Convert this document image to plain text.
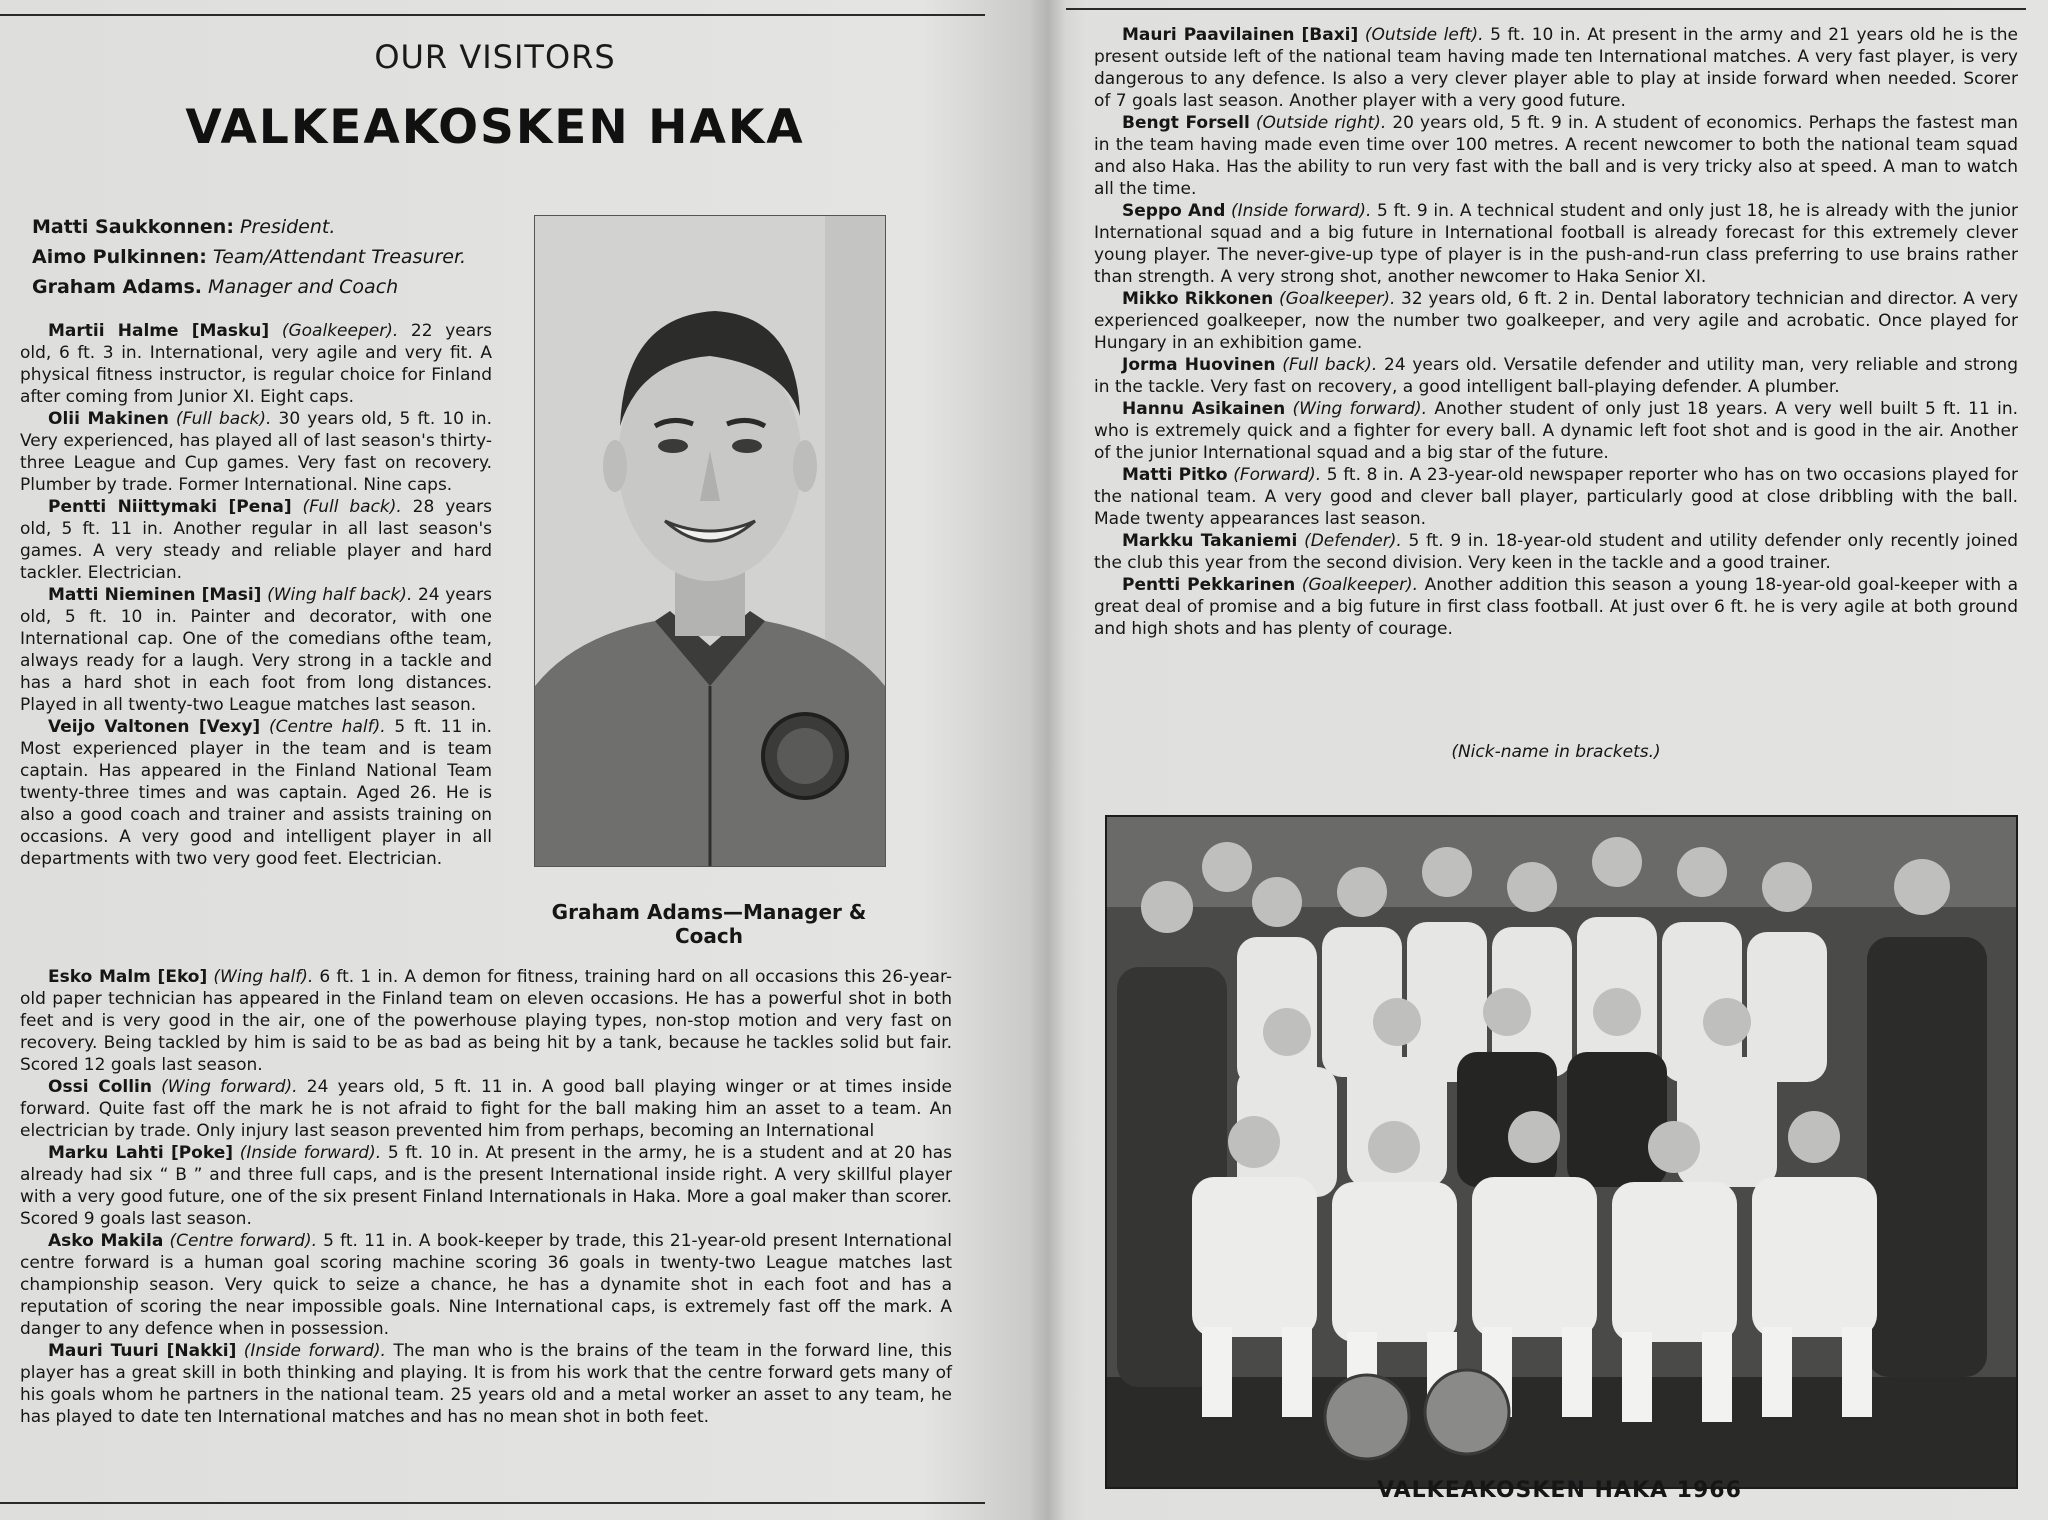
OUR VISITORS
VALKEAKOSKEN HAKA
Matti Saukkonnen: President.
Aimo Pulkinnen: Team/Attendant Treasurer.
Graham Adams. Manager and Coach

Martii Halme [Masku] (Goalkeeper). 22 years old, 6 ft. 3 in. International, very agile and very fit. A physical fitness instructor, is regular choice for Finland after coming from Junior XI. Eight caps.

Olii Makinen (Full back). 30 years old, 5 ft. 10 in. Very experienced, has played all of last season's thirty-three League and Cup games. Very fast on recovery. Plumber by trade. Former International. Nine caps.

Pentti Niittymaki [Pena] (Full back). 28 years old, 5 ft. 11 in. Another regular in all last season's games. A very steady and reliable player and hard tackler. Electrician.

Matti Nieminen [Masi] (Wing half back). 24 years old, 5 ft. 10 in. Painter and decorator, with one International cap. One of the comedians ofthe team, always ready for a laugh. Very strong in a tackle and has a hard shot in each foot from long distances. Played in all twenty-two League matches last season.

Veijo Valtonen [Vexy] (Centre half). 5 ft. 11 in. Most experienced player in the team and is team captain. Has appeared in the Finland National Team twenty-three times and was captain. Aged 26. He is also a good coach and trainer and assists training on occasions. A very good and intelligent player in all departments with two very good feet. Electrician.

Graham Adams—Manager & Coach

Esko Malm [Eko] (Wing half). 6 ft. 1 in. A demon for fitness, training hard on all occasions this 26-year-old paper technician has appeared in the Finland team on eleven occasions. He has a powerful shot in both feet and is very good in the air, one of the powerhouse playing types, non-stop motion and very fast on recovery. Being tackled by him is said to be as bad as being hit by a tank, because he tackles solid but fair. Scored 12 goals last season.

Ossi Collin (Wing forward). 24 years old, 5 ft. 11 in. A good ball playing winger or at times inside forward. Quite fast off the mark he is not afraid to fight for the ball making him an asset to a team. An electrician by trade. Only injury last season prevented him from perhaps, becoming an International

Marku Lahti [Poke] (Inside forward). 5 ft. 10 in. At present in the army, he is a student and at 20 has already had six “ B ” and three full caps, and is the present International inside right. A very skillful player with a very good future, one of the six present Finland Internationals in Haka. More a goal maker than scorer. Scored 9 goals last season.

Asko Makila (Centre forward). 5 ft. 11 in. A book-keeper by trade, this 21-year-old present International centre forward is a human goal scoring machine scoring 36 goals in twenty-two League matches last championship season. Very quick to seize a chance, he has a dynamite shot in each foot and has a reputation of scoring the near impossible goals. Nine International caps, is extremely fast off the mark. A danger to any defence when in possession.

Mauri Tuuri [Nakki] (Inside forward). The man who is the brains of the team in the forward line, this player has a great skill in both thinking and playing. It is from his work that the centre forward gets many of his goals whom he partners in the national team. 25 years old and a metal worker an asset to any team, he has played to date ten International matches and has no mean shot in both feet.

Mauri Paavilainen [Baxi] (Outside left). 5 ft. 10 in. At present in the army and 21 years old he is the present outside left of the national team having made ten International matches. A very fast player, is very dangerous to any defence. Is also a very clever player able to play at inside forward when needed. Scorer of 7 goals last season. Another player with a very good future.

Bengt Forsell (Outside right). 20 years old, 5 ft. 9 in. A student of economics. Perhaps the fastest man in the team having made even time over 100 metres. A recent newcomer to both the national team squad and also Haka. Has the ability to run very fast with the ball and is very tricky also at speed. A man to watch all the time.

Seppo And (Inside forward). 5 ft. 9 in. A technical student and only just 18, he is already with the junior International squad and a big future in International football is already forecast for this extremely clever young player. The never-give-up type of player is in the push-and-run class preferring to use brains rather than strength. A very strong shot, another newcomer to Haka Senior XI.

Mikko Rikkonen (Goalkeeper). 32 years old, 6 ft. 2 in. Dental laboratory technician and director. A very experienced goalkeeper, now the number two goalkeeper, and very agile and acrobatic. Once played for Hungary in an exhibition game.

Jorma Huovinen (Full back). 24 years old. Versatile defender and utility man, very reliable and strong in the tackle. Very fast on recovery, a good intelligent ball-playing defender. A plumber.

Hannu Asikainen (Wing forward). Another student of only just 18 years. A very well built 5 ft. 11 in. who is extremely quick and a fighter for every ball. A dynamic left foot shot and is good in the air. Another of the junior International squad and a big star of the future.

Matti Pitko (Forward). 5 ft. 8 in. A 23-year-old newspaper reporter who has on two occasions played for the national team. A very good and clever ball player, particularly good at close dribbling with the ball. Made twenty appearances last season.

Markku Takaniemi (Defender). 5 ft. 9 in. 18-year-old student and utility defender only recently joined the club this year from the second division. Very keen in the tackle and a good trainer.

Pentti Pekkarinen (Goalkeeper). Another addition this season a young 18-year-old goal-keeper with a great deal of promise and a big future in first class football. At just over 6 ft. he is very agile at both ground and high shots and has plenty of courage.

(Nick-name in brackets.)
VALKEAKOSKEN HAKA 1966
